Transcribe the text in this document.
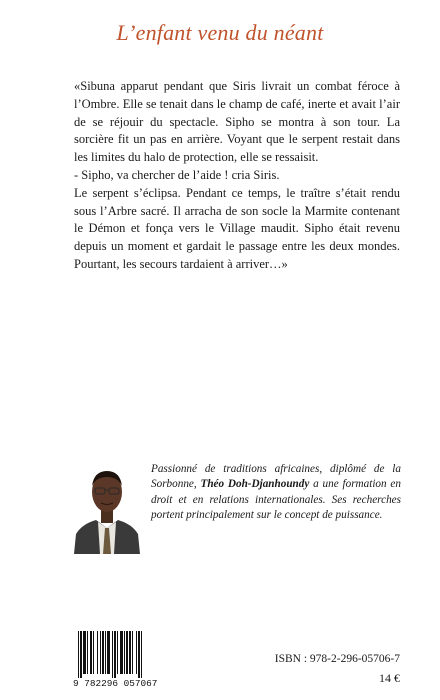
L’enfant venu du néant

«Sibuna apparut pendant que Siris livrait un combat féroce à l’Ombre. Elle se tenait dans le champ de café, inerte et avait l’air de se réjouir du spectacle. Sipho se montra à son tour. La sorcière fit un pas en arrière. Voyant que le serpent restait dans les limites du halo de protection, elle se ressaisit.

- Sipho, va chercher de l’aide ! cria Siris.

Le serpent s’éclipsa. Pendant ce temps, le traître s’était rendu sous l’Arbre sacré. Il arracha de son socle la Marmite contenant le Démon et fonça vers le Village maudit. Sipho était revenu depuis un moment et gardait le passage entre les deux mondes. Pourtant, les secours tardaient à arriver…»

Passionné de traditions africaines, diplômé de la Sorbonne, Théo Doh-Djanhoundy a une formation en droit et en relations internationales. Ses recherches portent principalement sur le concept de puissance.

9 782296 057067
ISBN : 978-2-296-05706-7
14 €
